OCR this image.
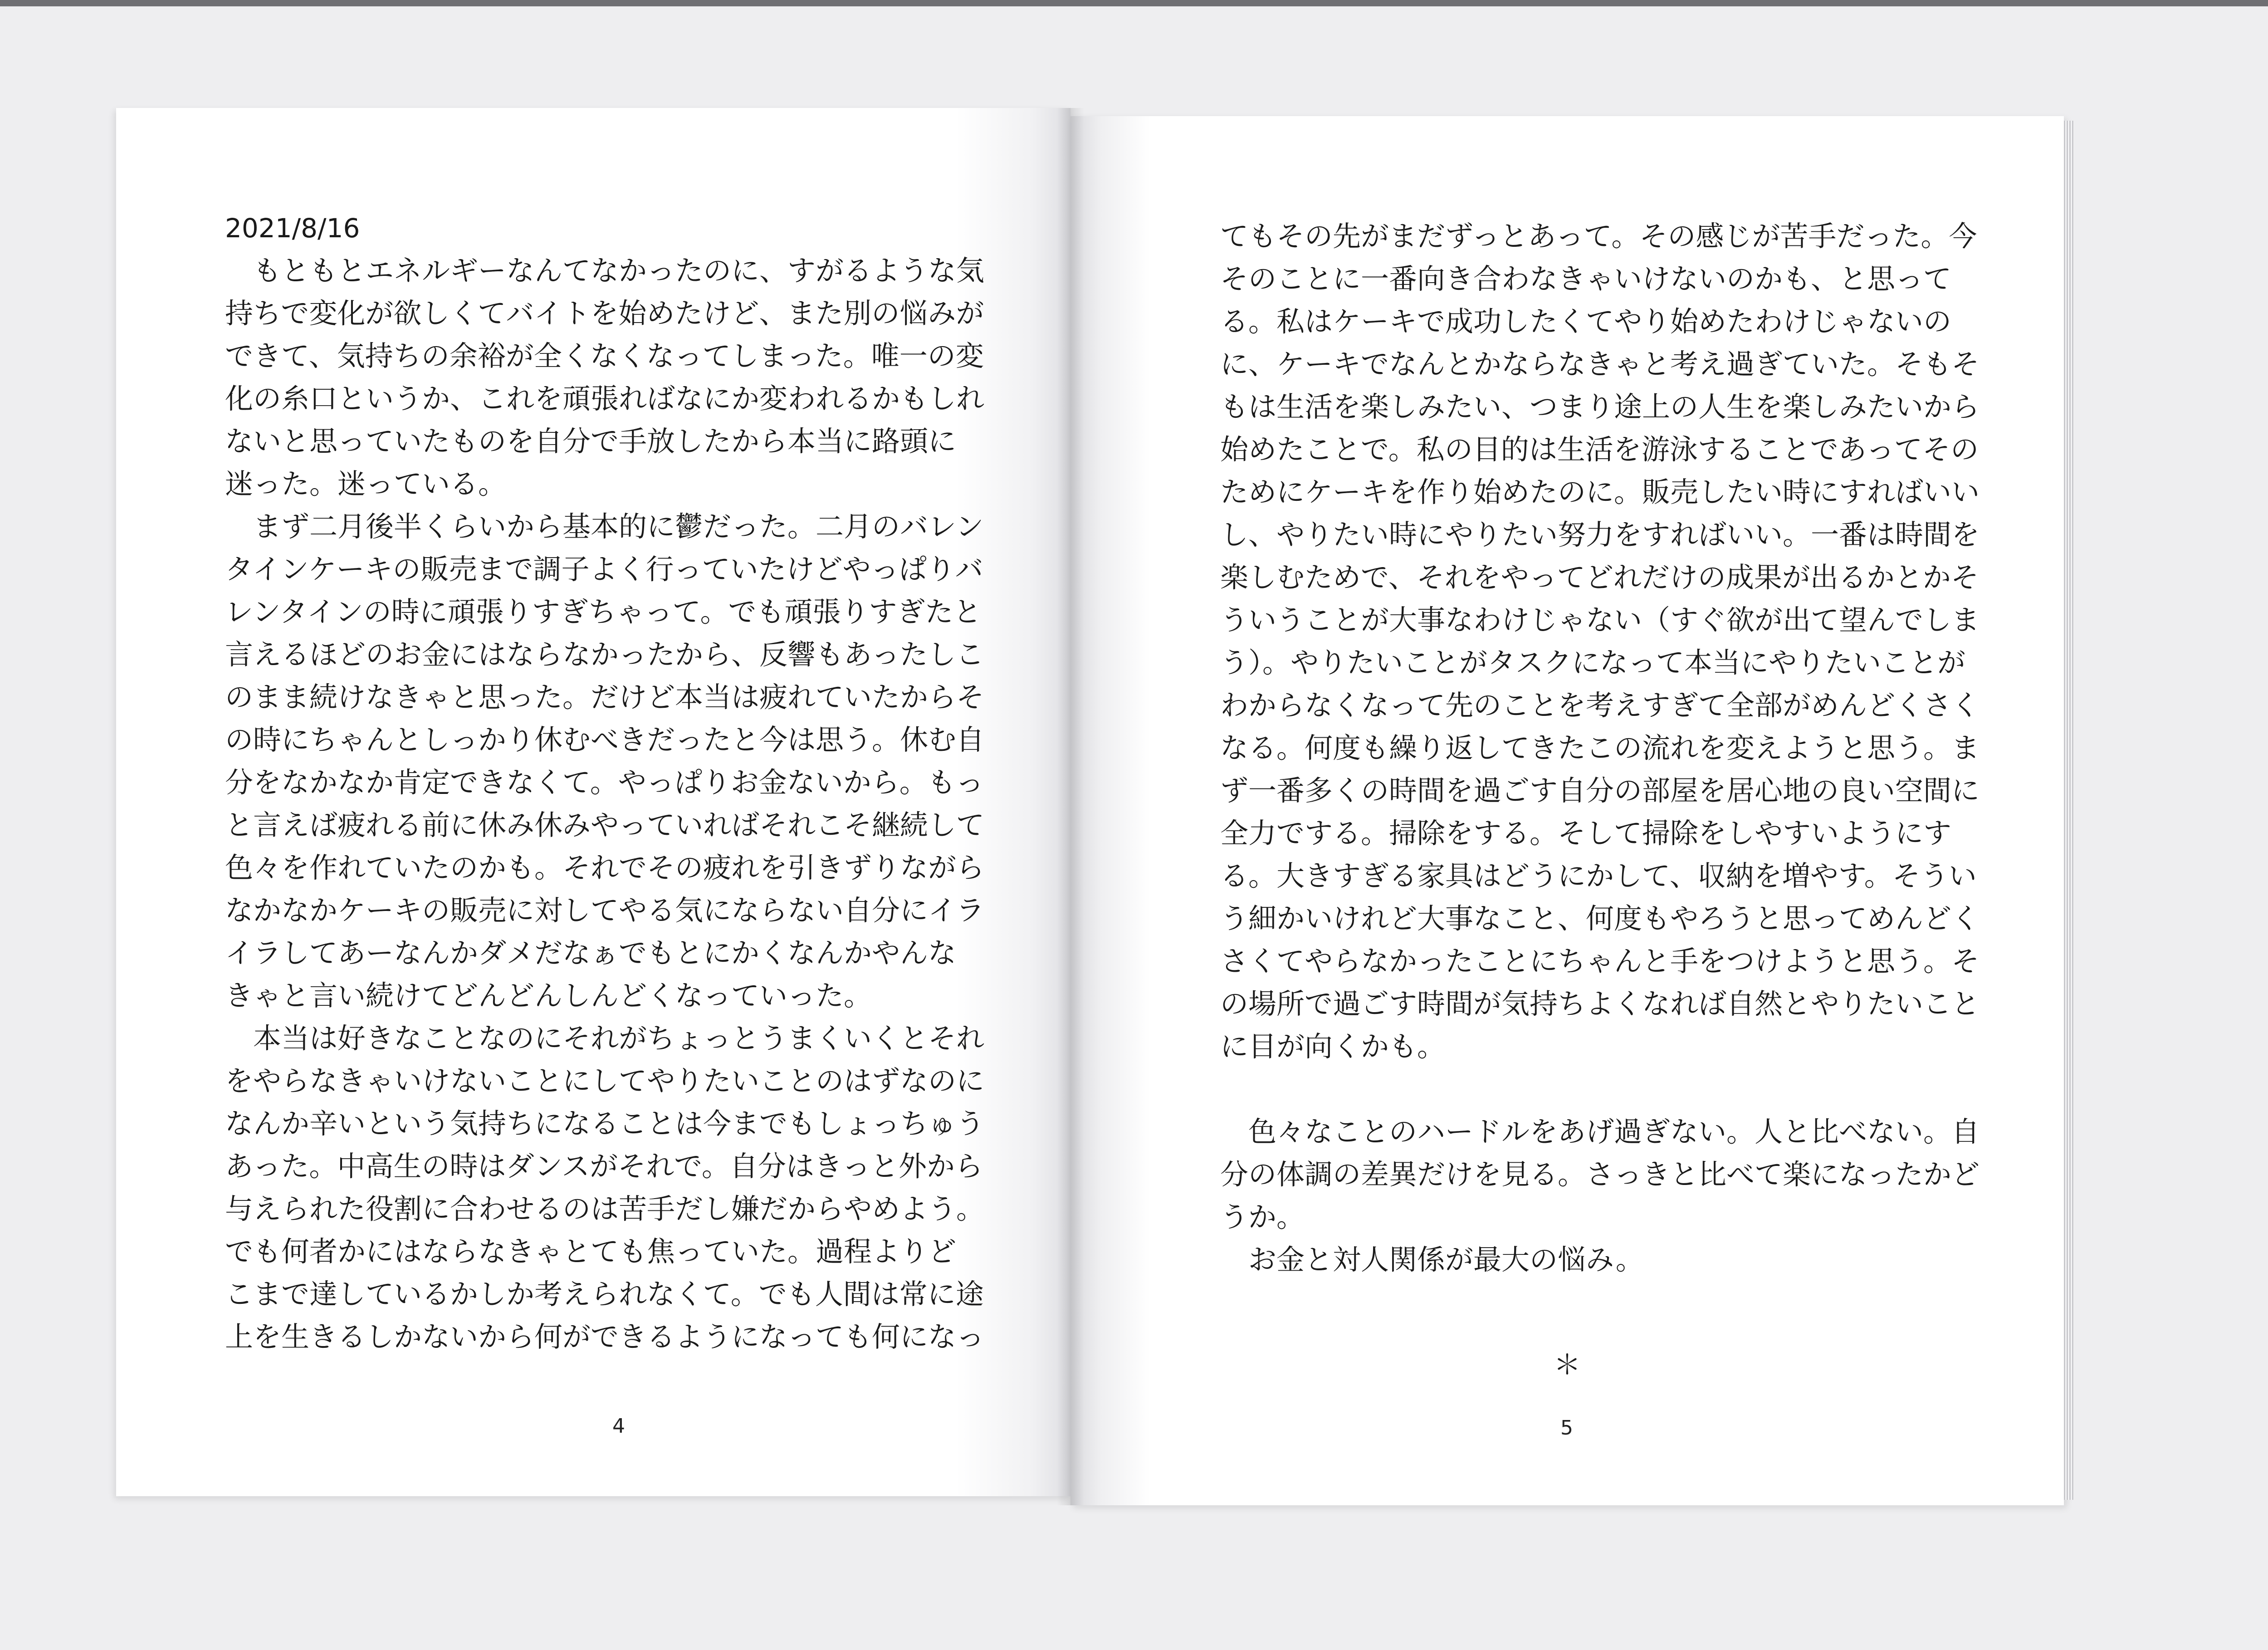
2021/8/16
　もともとエネルギーなんてなかったのに、すがるような気
持ちで変化が欲しくてバイトを始めたけど、また別の悩みが
できて、気持ちの余裕が全くなくなってしまった。唯一の変
化の糸口というか、これを頑張ればなにか変われるかもしれ
ないと思っていたものを自分で手放したから本当に路頭に
迷った。迷っている。
　まず二月後半くらいから基本的に鬱だった。二月のバレン
タインケーキの販売まで調子よく行っていたけどやっぱりバ
レンタインの時に頑張りすぎちゃって。でも頑張りすぎたと
言えるほどのお金にはならなかったから、反響もあったしこ
のまま続けなきゃと思った。だけど本当は疲れていたからそ
の時にちゃんとしっかり休むべきだったと今は思う。休む自
分をなかなか肯定できなくて。やっぱりお金ないから。もっ
と言えば疲れる前に休み休みやっていればそれこそ継続して
色々を作れていたのかも。それでその疲れを引きずりながら
なかなかケーキの販売に対してやる気にならない自分にイラ
イラしてあーなんかダメだなぁでもとにかくなんかやんな
きゃと言い続けてどんどんしんどくなっていった。
　本当は好きなことなのにそれがちょっとうまくいくとそれ
をやらなきゃいけないことにしてやりたいことのはずなのに
なんか辛いという気持ちになることは今までもしょっちゅう
あった。中高生の時はダンスがそれで。自分はきっと外から
与えられた役割に合わせるのは苦手だし嫌だからやめよう。
でも何者かにはならなきゃとても焦っていた。過程よりど
こまで達しているかしか考えられなくて。でも人間は常に途
上を生きるしかないから何ができるようになっても何になっ
4
てもその先がまだずっとあって。その感じが苦手だった。今
そのことに一番向き合わなきゃいけないのかも、と思って
る。私はケーキで成功したくてやり始めたわけじゃないの
に、ケーキでなんとかならなきゃと考え過ぎていた。そもそ
もは生活を楽しみたい、つまり途上の人生を楽しみたいから
始めたことで。私の目的は生活を游泳することであってその
ためにケーキを作り始めたのに。販売したい時にすればいい
し、やりたい時にやりたい努力をすればいい。一番は時間を
楽しむためで、それをやってどれだけの成果が出るかとかそ
ういうことが大事なわけじゃない（すぐ欲が出て望んでしま
う）。やりたいことがタスクになって本当にやりたいことが
わからなくなって先のことを考えすぎて全部がめんどくさく
なる。何度も繰り返してきたこの流れを変えようと思う。ま
ず一番多くの時間を過ごす自分の部屋を居心地の良い空間に
全力でする。掃除をする。そして掃除をしやすいようにす
る。大きすぎる家具はどうにかして、収納を増やす。そうい
う細かいけれど大事なこと、何度もやろうと思ってめんどく
さくてやらなかったことにちゃんと手をつけようと思う。そ
の場所で過ごす時間が気持ちよくなれば自然とやりたいこと
に目が向くかも。
　色々なことのハードルをあげ過ぎない。人と比べない。自
分の体調の差異だけを見る。さっきと比べて楽になったかど
うか。
　お金と対人関係が最大の悩み。
＊
5
